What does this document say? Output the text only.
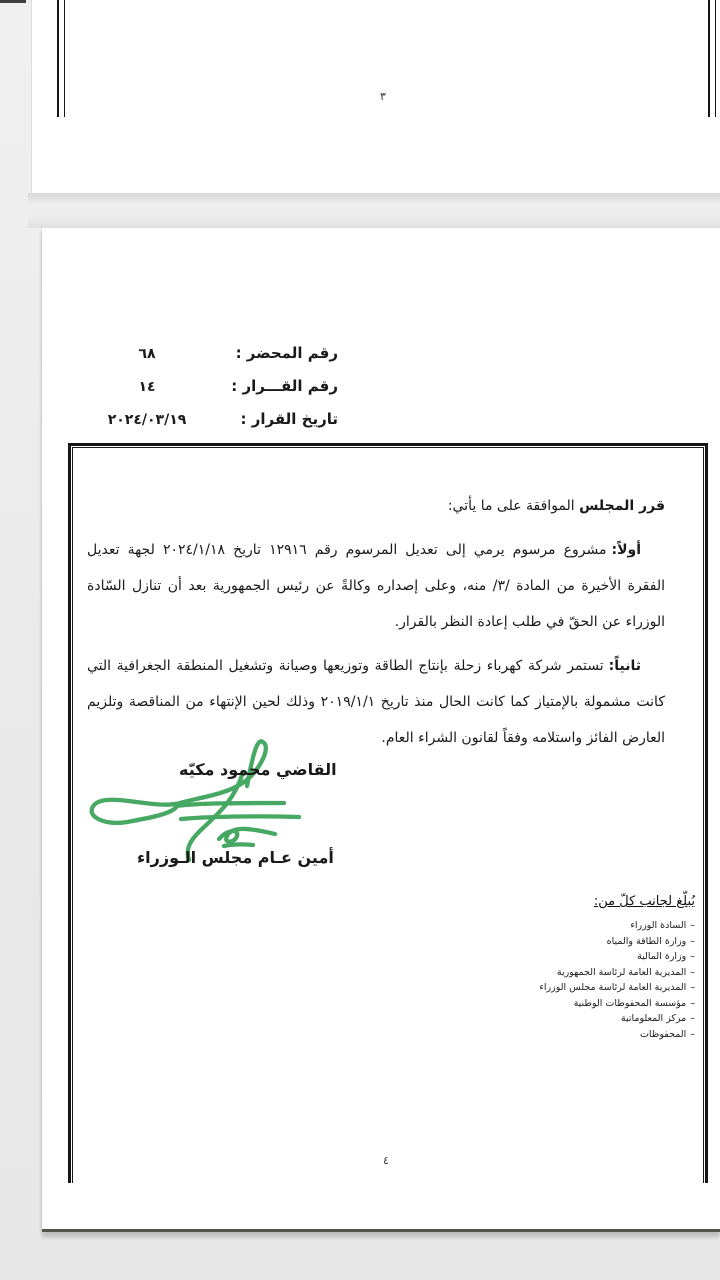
٣
رقم المحضر :
٦٨
رقم القـــرار :
١٤
تاريخ القرار :
٢٠٢٤/٠٣/١٩

قرر المجلس الموافقة على ما يأتي:

أولاً:مشروع مرسوم يرمي إلى تعديل المرسوم رقم ١٢٩١٦ تاريخ ٢٠٢٤/١/١٨ لجهة تعديل الفقرة الأخيرة من المادة /٣/ منه، وعلى إصداره وكالةً عن رئيس الجمهورية بعد أن تنازل السّادة الوزراء عن الحقّ في طلب إعادة النظر بالقرار.

ثانياً:تستمر شركة كهرباء زحلة بإنتاج الطاقة وتوزيعها وصيانة وتشغيل المنطقة الجغرافية التي كانت مشمولة بالإمتياز كما كانت الحال منذ تاريخ ٢٠١٩/١/١ وذلك لحين الإنتهاء من المناقصة وتلزيم العارض الفائز واستلامه وفقاً لقانون الشراء العام.

القاضي محمود مكيّه
أمين عـام مجلس الـوزراء
يُبلّغ لجانب كلّ من:
–السادة الوزراء
–وزارة الطاقة والمياه
–وزارة المالية
–المديرية العامة لرئاسة الجمهورية
–المديرية العامة لرئاسة مجلس الوزراء
–مؤسسة المحفوظات الوطنية
–مركز المعلوماتية
–المحفوظات
٤
